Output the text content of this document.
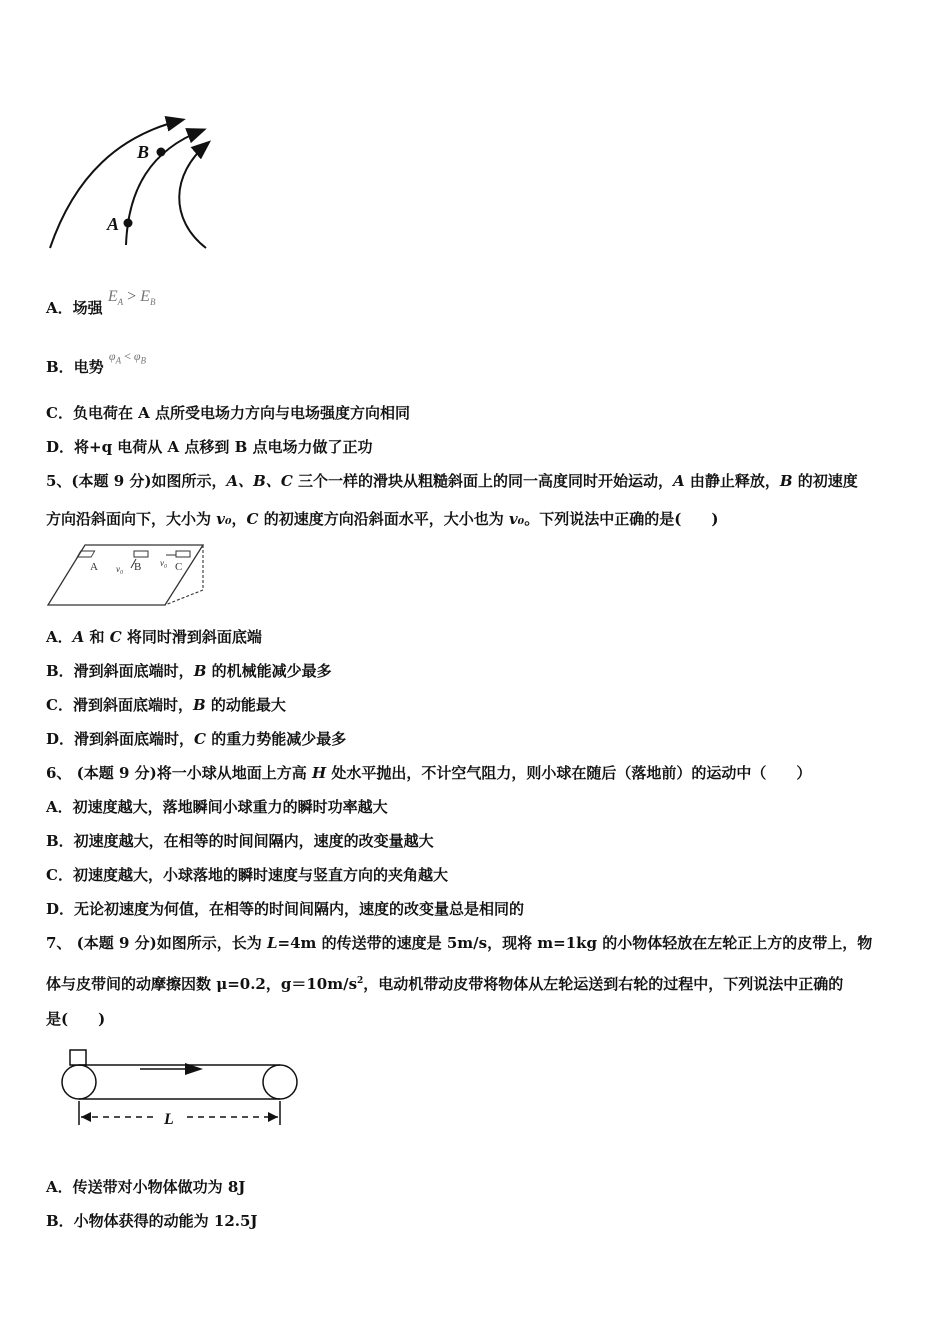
B
A
A．场强 $E_A > E_B$
B．电势 $^{\varphi_A < \varphi_B}$
C．负电荷在 A 点所受电场力方向与电场强度方向相同
D．将+q 电荷从 A 点移到 B 点电场力做了正功
5、(本题 9 分)如图所示，A、B、C 三个一样的滑块从粗糙斜面上的同一高度同时开始运动，A 由静止释放，B 的初速度
方向沿斜面向下，大小为 v₀，C 的初速度方向沿斜面水平，大小也为 v₀。下列说法中正确的是(　　)
A v₀ B v₀ C
A．A 和 C 将同时滑到斜面底端
B．滑到斜面底端时，B 的机械能减少最多
C．滑到斜面底端时，B 的动能最大
D．滑到斜面底端时，C 的重力势能减少最多
6、 (本题 9 分)将一小球从地面上方高 H 处水平抛出，不计空气阻力，则小球在随后（落地前）的运动中（　　）
A．初速度越大，落地瞬间小球重力的瞬时功率越大
B．初速度越大，在相等的时间间隔内，速度的改变量越大
C．初速度越大，小球落地的瞬时速度与竖直方向的夹角越大
D．无论初速度为何值，在相等的时间间隔内，速度的改变量总是相同的
7、 (本题 9 分)如图所示，长为 L=4m 的传送带的速度是 5m/s，现将 m=1kg 的小物体轻放在左轮正上方的皮带上，物
体与皮带间的动摩擦因数 μ=0.2，$g=10m/s^2$，电动机带动皮带将物体从左轮运送到右轮的过程中，下列说法中正确的
是(　　)
L
A．传送带对小物体做功为 8J
B．小物体获得的动能为 12.5J
